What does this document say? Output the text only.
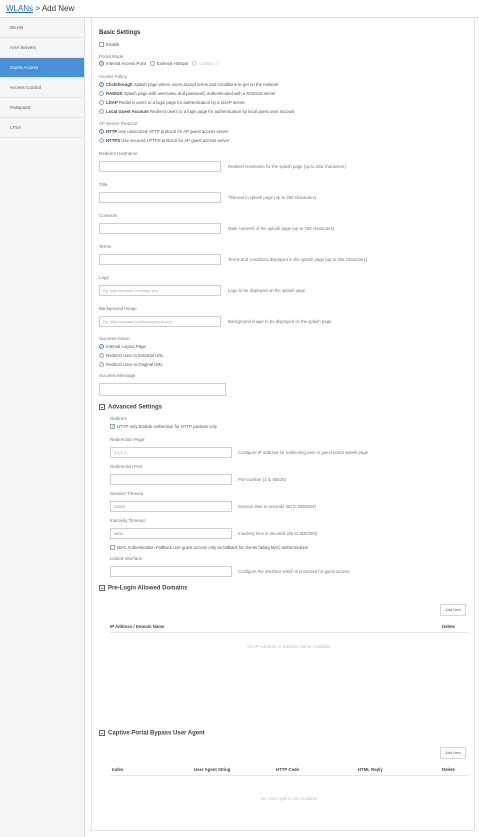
WLANs > Add New
WLAN
AAA Servers
Guest Access
Access Control
Passpoint
LTSA
Basic Settings
Enable
Portal Mode
Internal Access Point External Hotspot Custom ⓘ
Access Policy
Clickthrough Splash page where users accept terms and conditions to get on the network
RADIUS Splash page with username and password, authenticated with a RADIUS server
LDAP Redirect users to a login page for authentication by a LDAP server
Local Guest Account Redirect users to a login page for authentication by local guest user account
AP Server Protocol
HTTP Use unsecured HTTP protocol for AP guest access server
HTTPS Use secured HTTPS protocol for AP guest access server
Redirect Hostname
Redirect Hostname for the splash page (up to 255 characters)
Title
Title text in splash page (up to 255 characters)
Contents
Main contents of the splash page (up to 255 characters)
Terms
Terms and conditions displayed in the splash page (up to 255 characters)
Logo
Eg: http://domain.com/logo.png	Logo to be displayed on the splash page
Background Image
Eg: http://domain.com/background.png	Background image to be displayed on the splash page
Success Action
Internal Logout Page
Redirect User to External URL
Redirect User to Original URL
Success Message
Advanced Settings
Redirect
✓ HTTP-only Enable redirection for HTTP packets only
Redirection Page
1.1.1.1	Configure IP address for redirecting user to guest portal splash page
Redirection Port
Port number (1 to 65535)
Session Timeout
28800	Session time in seconds (60 to 2592000)
Inactivity Timeout
1800	Inactivity time in seconds (60 to 2592000)
MAC Authentication Fallback Use guest access only as fallback for clients failing MAC authentication
Linked Interface
Configure the interface which is protected for guest access
Pre-Login Allowed Domains
Add New
IP Address / Domain Name	Delete
No IP Address or Domain Name Available
Captive Portal Bypass User Agent
Add New
Index	User Agent String	HTTP Code	HTML Reply	Delete
No User Agent List Available
